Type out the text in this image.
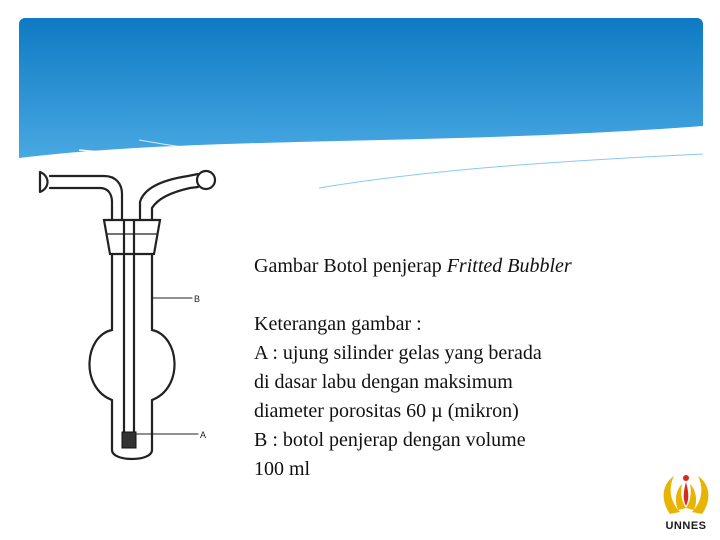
B
A

Gambar Botol penjerap Fritted Bubbler

Keterangan gambar :

A : ujung silinder gelas yang berada

di dasar labu dengan maksimum

diameter porositas 60 µ (mikron)

B : botol penjerap dengan volume

100 ml

UNNES
